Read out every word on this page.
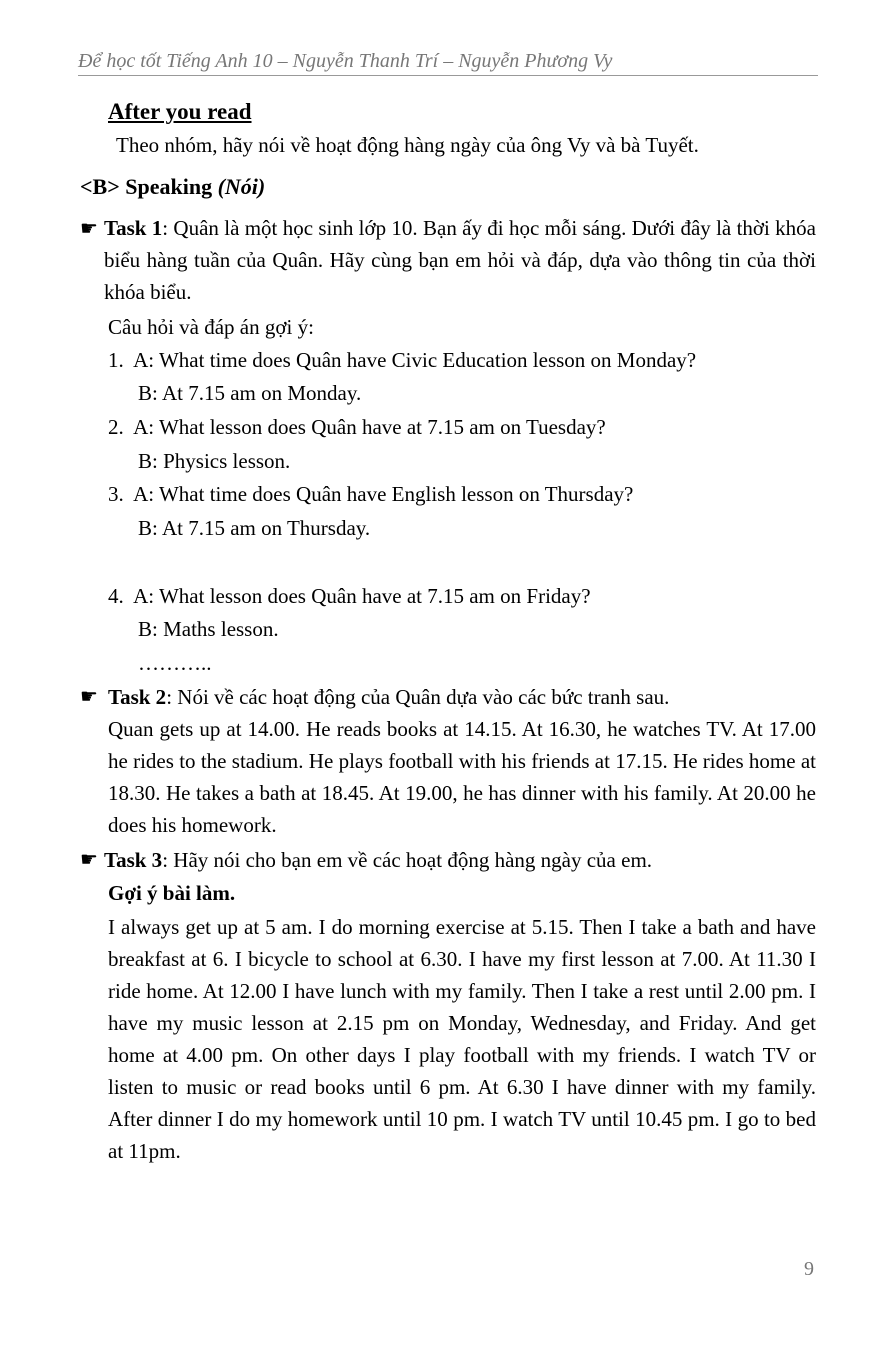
Để học tốt Tiếng Anh 10 – Nguyễn Thanh Trí – Nguyễn Phương Vy
After you read
Theo nhóm, hãy nói về hoạt động hàng ngày của ông Vy và bà Tuyết.
<B> Speaking (Nói)
☛ Task 1: Quân là một học sinh lớp 10. Bạn ấy đi học mỗi sáng. Dưới đây là thời khóa biểu hàng tuần của Quân. Hãy cùng bạn em hỏi và đáp, dựa vào thông tin của thời khóa biểu.
Câu hỏi và đáp án gợi ý:
1. A: What time does Quân have Civic Education lesson on Monday?
B: At 7.15 am on Monday.
2. A: What lesson does Quân have at 7.15 am on Tuesday?
B: Physics lesson.
3. A: What time does Quân have English lesson on Thursday?
B: At 7.15 am on Thursday.
4. A: What lesson does Quân have at 7.15 am on Friday?
B: Maths lesson.
………..
☛ Task 2: Nói về các hoạt động của Quân dựa vào các bức tranh sau.
Quan gets up at 14.00. He reads books at 14.15. At 16.30, he watches TV. At 17.00 he rides to the stadium. He plays football with his friends at 17.15. He rides home at 18.30. He takes a bath at 18.45. At 19.00, he has dinner with his family. At 20.00 he does his homework.
☛ Task 3: Hãy nói cho bạn em về các hoạt động hàng ngày của em.
Gợi ý bài làm.
I always get up at 5 am. I do morning exercise at 5.15. Then I take a bath and have breakfast at 6. I bicycle to school at 6.30. I have my first lesson at 7.00. At 11.30 I ride home. At 12.00 I have lunch with my family. Then I take a rest until 2.00 pm. I have my music lesson at 2.15 pm on Monday, Wednesday, and Friday. And get home at 4.00 pm. On other days I play football with my friends. I watch TV or listen to music or read books until 6 pm. At 6.30 I have dinner with my family. After dinner I do my homework until 10 pm. I watch TV until 10.45 pm. I go to bed at 11pm.
9
